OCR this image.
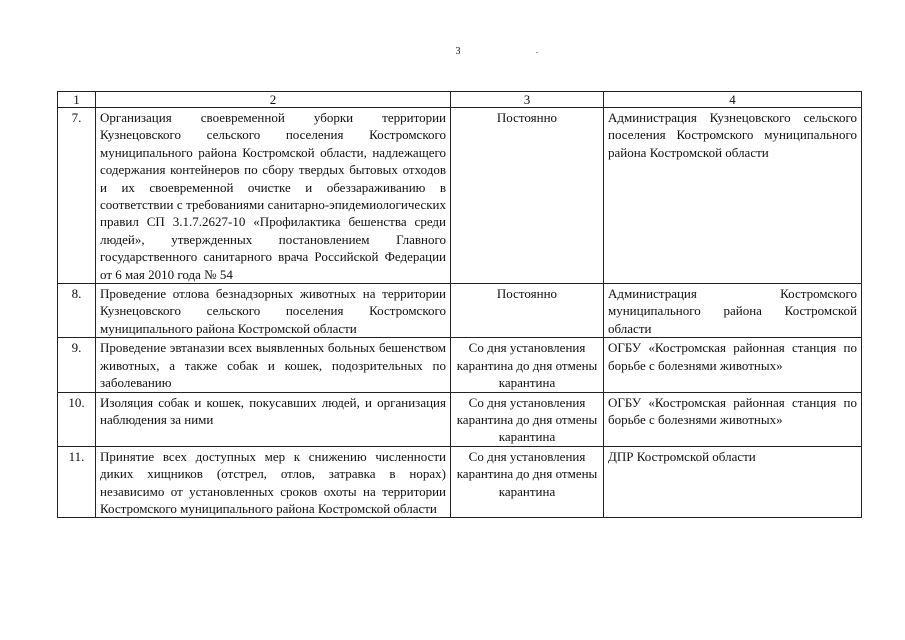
3
1	2	3	4
7.	Организация своевременной уборки территории Кузнецовского сельского поселения Костромского муниципального района Костромской области, надлежащего содержания контейнеров по сбору твердых бытовых отходов и их своевременной очистке и обеззараживанию в соответствии с требованиями санитарно-эпидемиологических правил СП 3.1.7.2627-10 «Профилактика бешенства среди людей», утвержденных постановлением Главного государственного санитарного врача Российской Федерации от 6 мая 2010 года № 54	Постоянно	Администрация Кузнецовского сельского поселения Костромского муниципального района Костромской области
8.	Проведение отлова безнадзорных животных на территории Кузнецовского сельского поселения Костромского муниципального района Костромской области	Постоянно	Администрация Костромского муниципального района Костромской области
9.	Проведение эвтаназии всех выявленных больных бешенством животных, а также собак и кошек, подозрительных по заболеванию	Со дня установления карантина до дня отмены карантина	ОГБУ «Костромская районная станция по борьбе с болезнями животных»
10.	Изоляция собак и кошек, покусавших людей, и организация наблюдения за ними	Со дня установления карантина до дня отмены карантина	ОГБУ «Костромская районная станция по борьбе с болезнями животных»
11.	Принятие всех доступных мер к снижению численности диких хищников (отстрел, отлов, затравка в норах) независимо от установленных сроков охоты на территории Костромского муниципального района Костромской области	Со дня установления карантина до дня отмены карантина	ДПР Костромской области
